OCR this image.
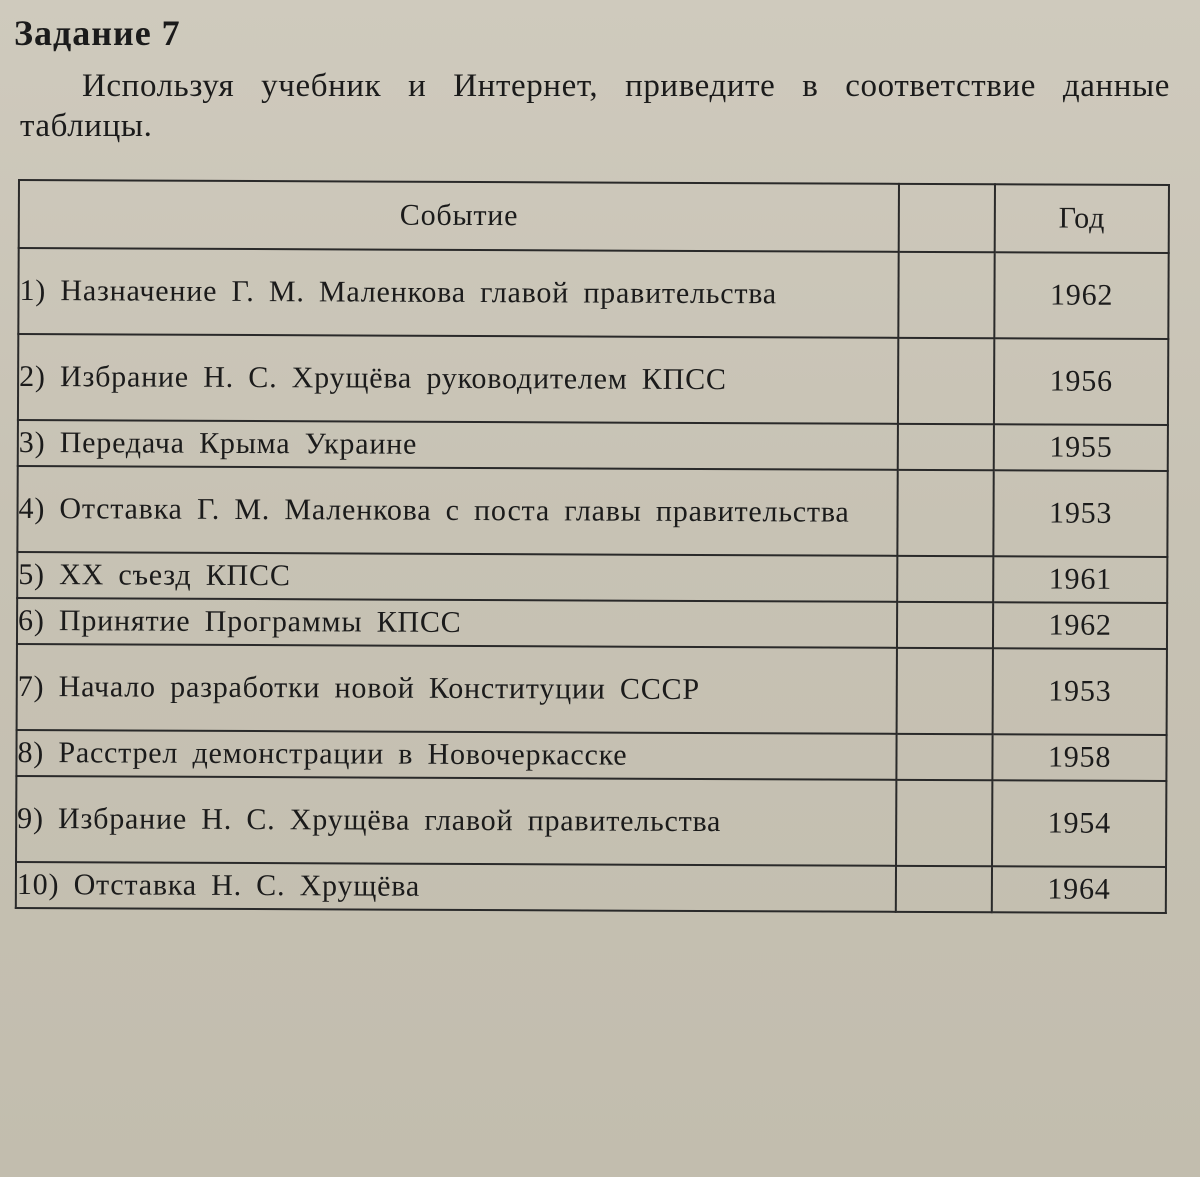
Задание 7

Используя учебник и Интернет, приведите в соответствие данные таблицы.

Событие		Год
1) Назначение Г. М. Маленкова главой правительства		1962
2) Избрание Н. С. Хрущёва руководителем КПСС		1956
3) Передача Крыма Украине		1955
4) Отставка Г. М. Маленкова с поста главы правительства		1953
5) XX съезд КПСС		1961
6) Принятие Программы КПСС		1962
7) Начало разработки новой Конституции СССР		1953
8) Расстрел демонстрации в Новочеркасске		1958
9) Избрание Н. С. Хрущёва главой правительства		1954
10) Отставка Н. С. Хрущёва		1964
